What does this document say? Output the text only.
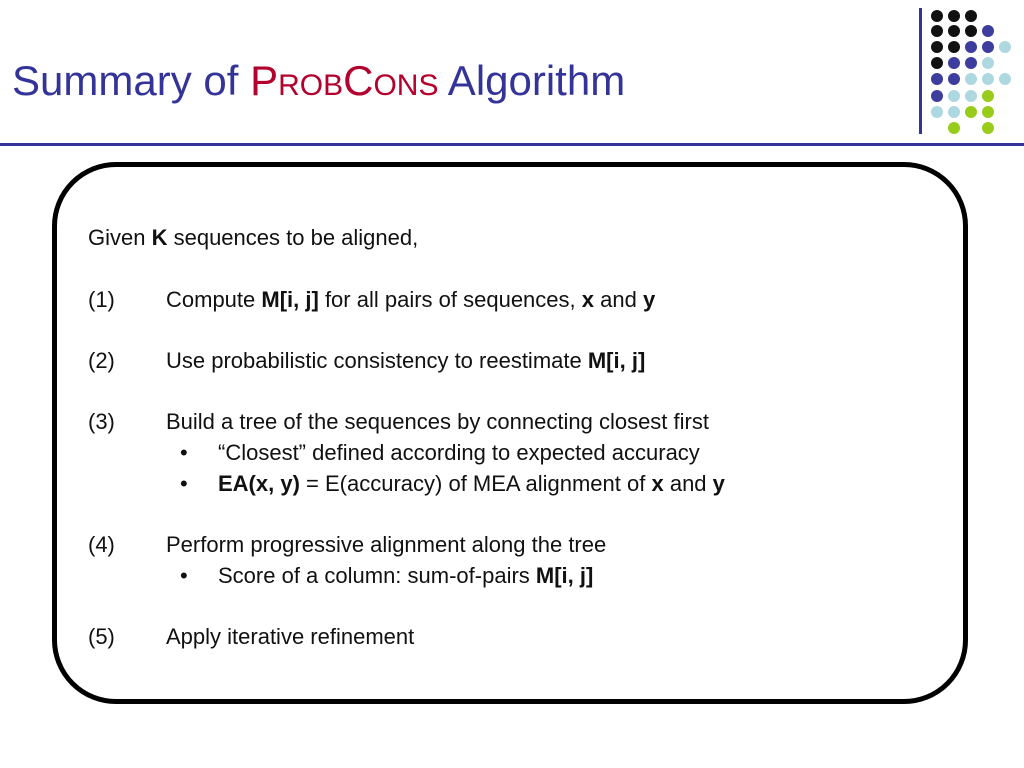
Summary of PROBCONS Algorithm
Given K sequences to be aligned,
(1) Compute M[i, j] for all pairs of sequences, x and y
(2) Use probabilistic consistency to reestimate M[i, j]
(3) Build a tree of the sequences by connecting closest first
• “Closest” defined according to expected accuracy
• EA(x, y) = E(accuracy) of MEA alignment of x and y
(4) Perform progressive alignment along the tree
• Score of a column: sum-of-pairs M[i, j]
(5) Apply iterative refinement
